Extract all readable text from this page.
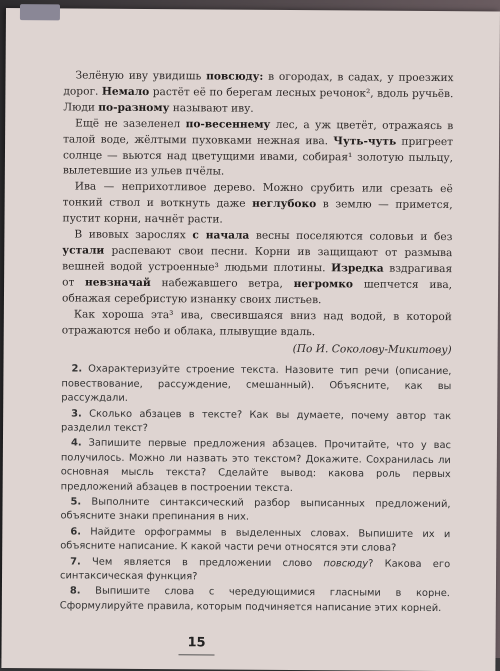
Зелёную иву увидишь повсюду: в огородах, в садах, у проезжих дорог. Немало растёт её по берегам лесных речонок², вдоль ручьёв. Люди по-разному называют иву.

Ещё не зазеленел по-весеннему лес, а уж цветёт, отражаясь в талой воде, жёлтыми пуховками нежная ива. Чуть-чуть пригреет солнце — вьются над цветущими ивами, собирая¹ золотую пыльцу, вылетевшие из ульев пчёлы.

Ива — неприхотливое дерево. Можно срубить или срезать её тонкий ствол и воткнуть даже неглубоко в землю — примется, пустит корни, начнёт расти.

В ивовых зарослях с начала весны поселяются соловьи и без устали распевают свои песни. Корни ив защищают от размыва вешней водой устроенные³ людьми плотины. Изредка вздрагивая от невзначай набежавшего ветра, негромко шепчется ива, обнажая серебристую изнанку своих листьев.

Как хороша эта³ ива, свесившаяся вниз над водой, в которой отражаются небо и облака, плывущие вдаль.

(По И. Соколову-Микитову)

2. Охарактеризуйте строение текста. Назовите тип речи (описание, повествование, рассуждение, смешанный). Объясните, как вы рассуждали.

3. Сколько абзацев в тексте? Как вы думаете, почему автор так разделил текст?

4. Запишите первые предложения абзацев. Прочитайте, что у вас получилось. Можно ли назвать это текстом? Докажите. Сохранилась ли основная мысль текста? Сделайте вывод: какова роль первых предложений абзацев в построении текста.

5. Выполните синтаксический разбор выписанных предложений, объясните знаки препинания в них.

6. Найдите орфограммы в выделенных словах. Выпишите их и объясните написание. К какой части речи относятся эти слова?

7. Чем является в предложении слово повсюду? Какова его синтаксическая функция?

8. Выпишите слова с чередующимися гласными в корне. Сформулируйте правила, которым подчиняется написание этих корней.

15
